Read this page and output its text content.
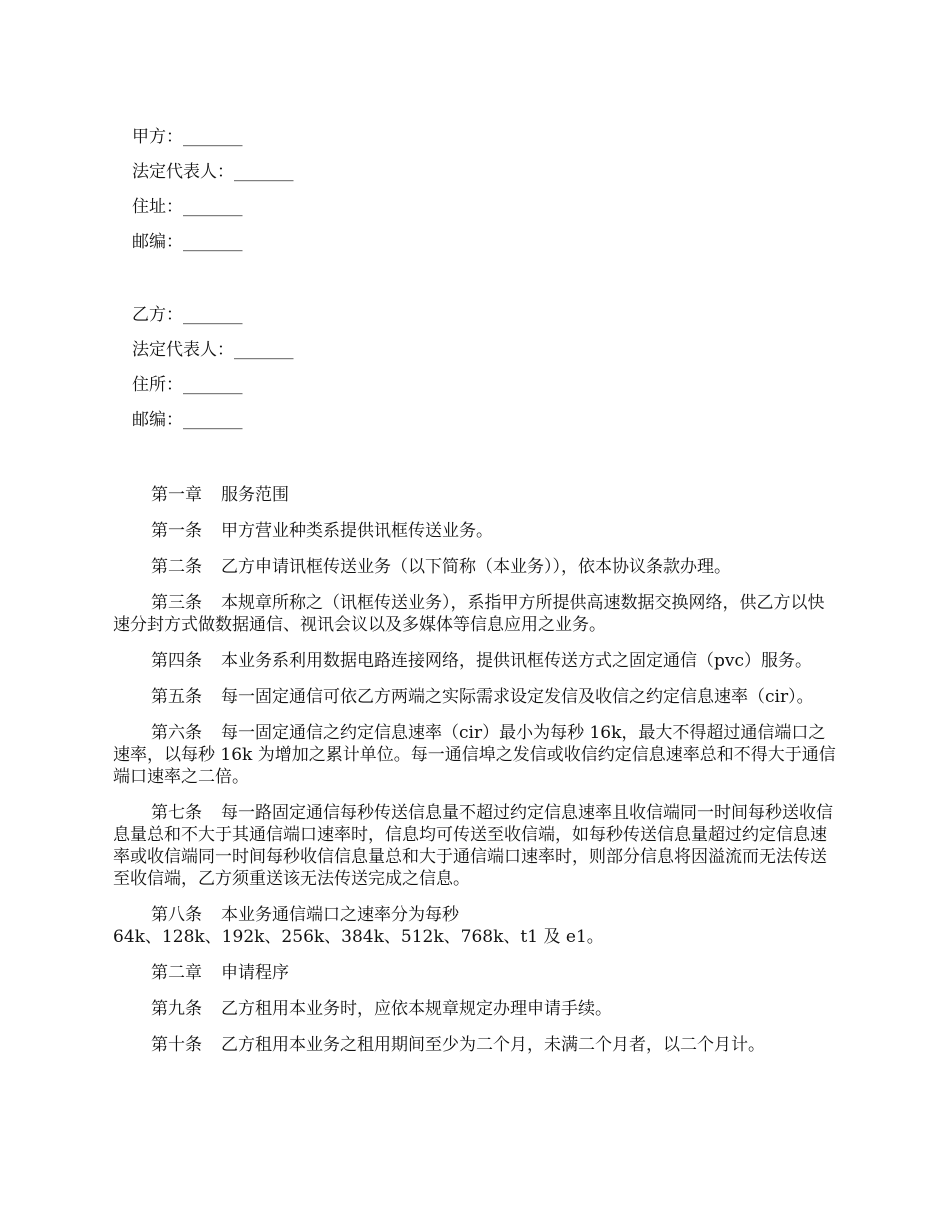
甲方：_______

法定代表人：_______

住址：_______

邮编：_______

乙方：_______

法定代表人：_______

住所：_______

邮编：_______

第一章 服务范围

第一条 甲方营业种类系提供讯框传送业务。

第二条 乙方申请讯框传送业务（以下简称（本业务）），依本协议条款办理。

第三条 本规章所称之（讯框传送业务），系指甲方所提供高速数据交换网络，供乙方以快速分封方式做数据通信、视讯会议以及多媒体等信息应用之业务。

第四条 本业务系利用数据电路连接网络，提供讯框传送方式之固定通信（pvc）服务。

第五条 每一固定通信可依乙方两端之实际需求设定发信及收信之约定信息速率（cir）。

第六条 每一固定通信之约定信息速率（cir）最小为每秒 16k，最大不得超过通信端口之速率，以每秒 16k 为增加之累计单位。每一通信埠之发信或收信约定信息速率总和不得大于通信端口速率之二倍。

第七条 每一路固定通信每秒传送信息量不超过约定信息速率且收信端同一时间每秒送收信息量总和不大于其通信端口速率时，信息均可传送至收信端，如每秒传送信息量超过约定信息速率或收信端同一时间每秒收信信息量总和大于通信端口速率时，则部分信息将因溢流而无法传送至收信端，乙方须重送该无法传送完成之信息。

第八条 本业务通信端口之速率分为每秒
64k、128k、192k、256k、384k、512k、768k、t1 及 e1。

第二章 申请程序

第九条 乙方租用本业务时，应依本规章规定办理申请手续。

第十条 乙方租用本业务之租用期间至少为二个月，未满二个月者，以二个月计。
